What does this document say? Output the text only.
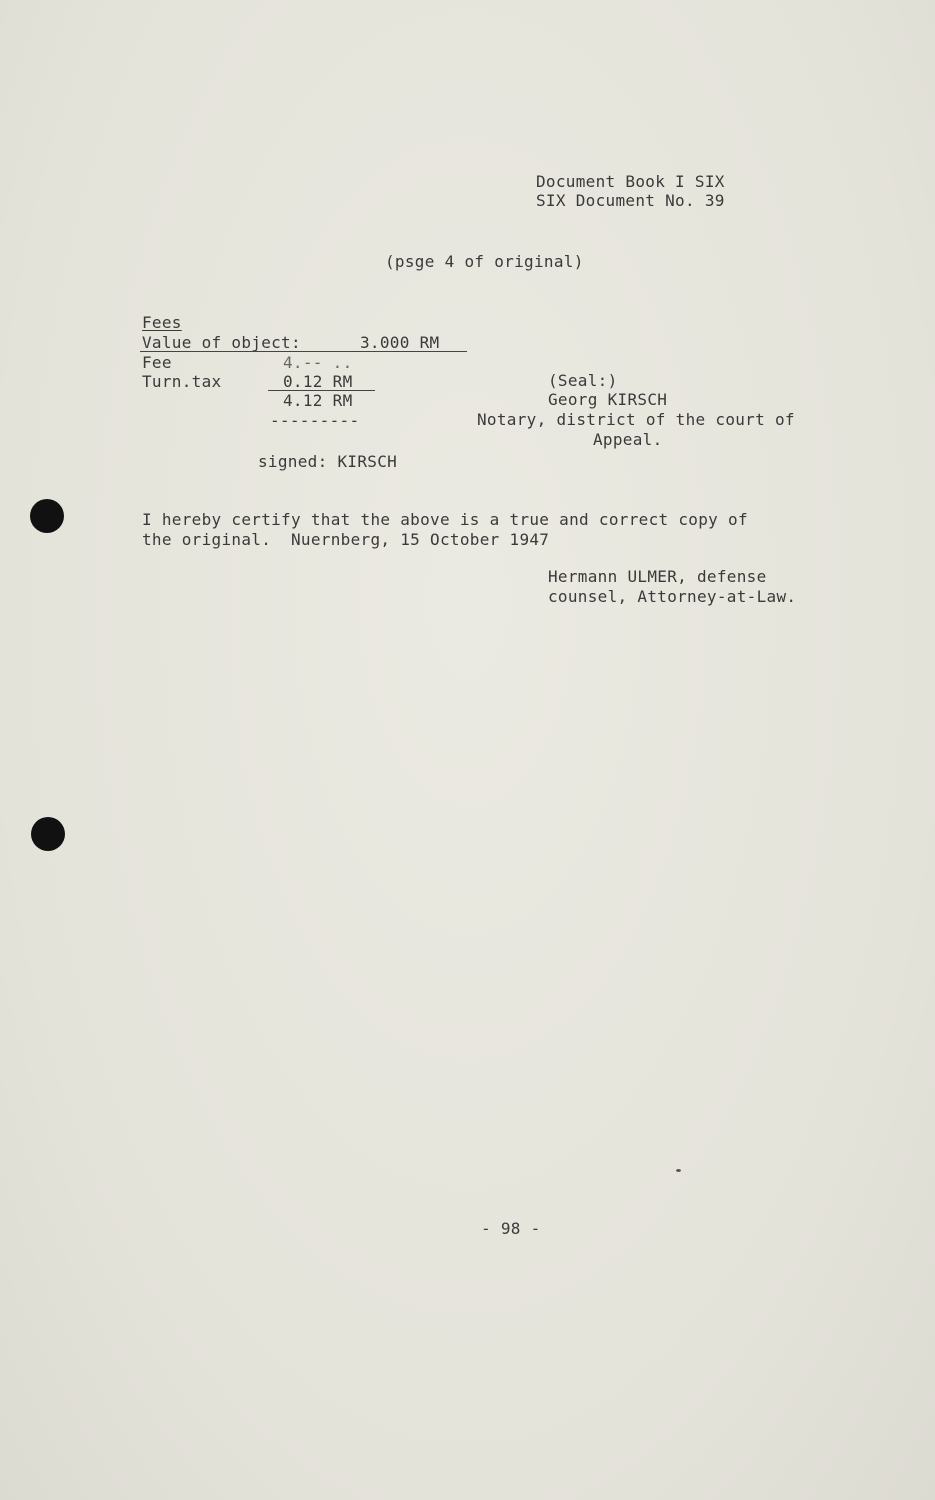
Document Book I SIX
SIX Document No. 39
(psge 4 of original)
Fees
Value of object:	3.000 RM
Fee	4.-- ..
Turn.tax	0.12 RM
4.12 RM
---------
signed: KIRSCH
(Seal:)
Georg KIRSCH
Notary, district of the court of
Appeal.
I hereby certify that the above is a true and correct copy of
the original.  Nuernberg, 15 October 1947
Hermann ULMER, defense
counsel, Attorney-at-Law.
- 98 -
